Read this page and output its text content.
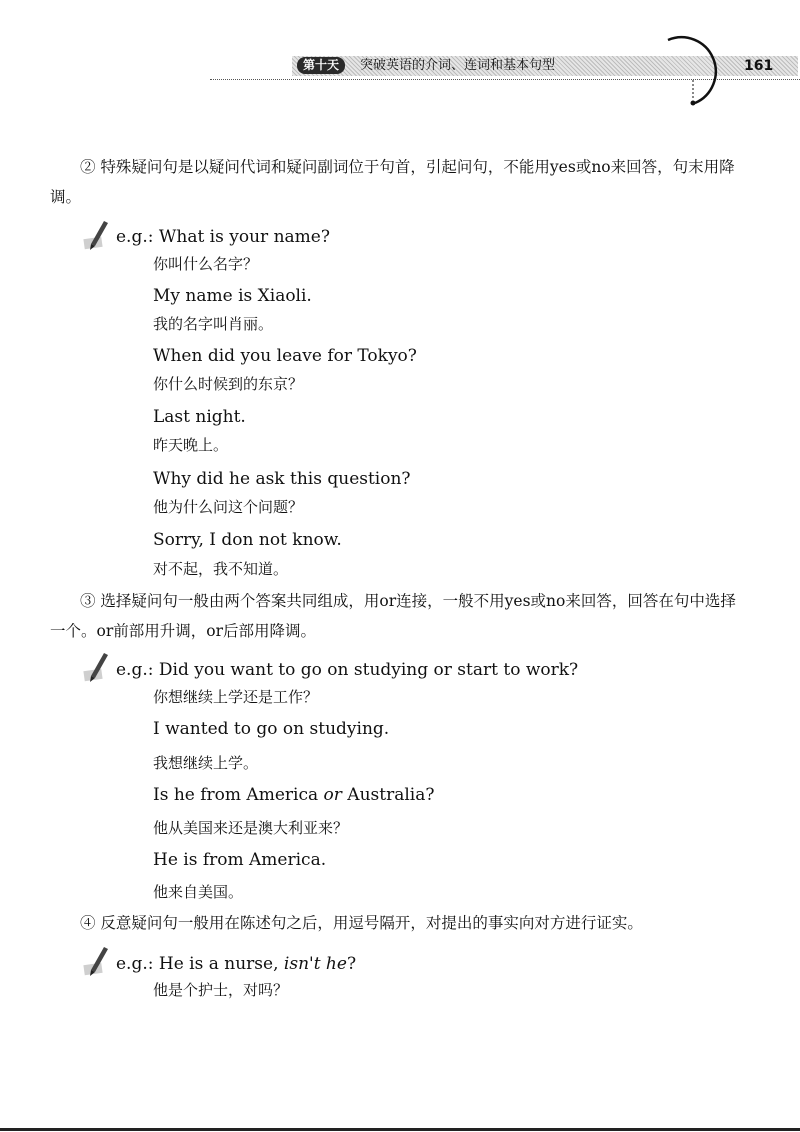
第十天	突破英语的介词、连词和基本句型	161
② 特殊疑问句是以疑问代词和疑问副词位于句首，引起问句，不能用yes或no来回答，句末用降调。
e.g.: What is your name?
你叫什么名字？
My name is Xiaoli.
我的名字叫肖丽。
When did you leave for Tokyo?
你什么时候到的东京？
Last night.
昨天晚上。
Why did he ask this question?
他为什么问这个问题？
Sorry, I don not know.
对不起，我不知道。
③ 选择疑问句一般由两个答案共同组成，用or连接，一般不用yes或no来回答，回答在句中选择一个。or前部用升调，or后部用降调。
e.g.: Did you want to go on studying or start to work?
你想继续上学还是工作？
I wanted to go on studying.
我想继续上学。
Is he from America or Australia?
他从美国来还是澳大利亚来？
He is from America.
他来自美国。
④ 反意疑问句一般用在陈述句之后，用逗号隔开，对提出的事实向对方进行证实。
e.g.: He is a nurse, isn't he?
他是个护士，对吗？
